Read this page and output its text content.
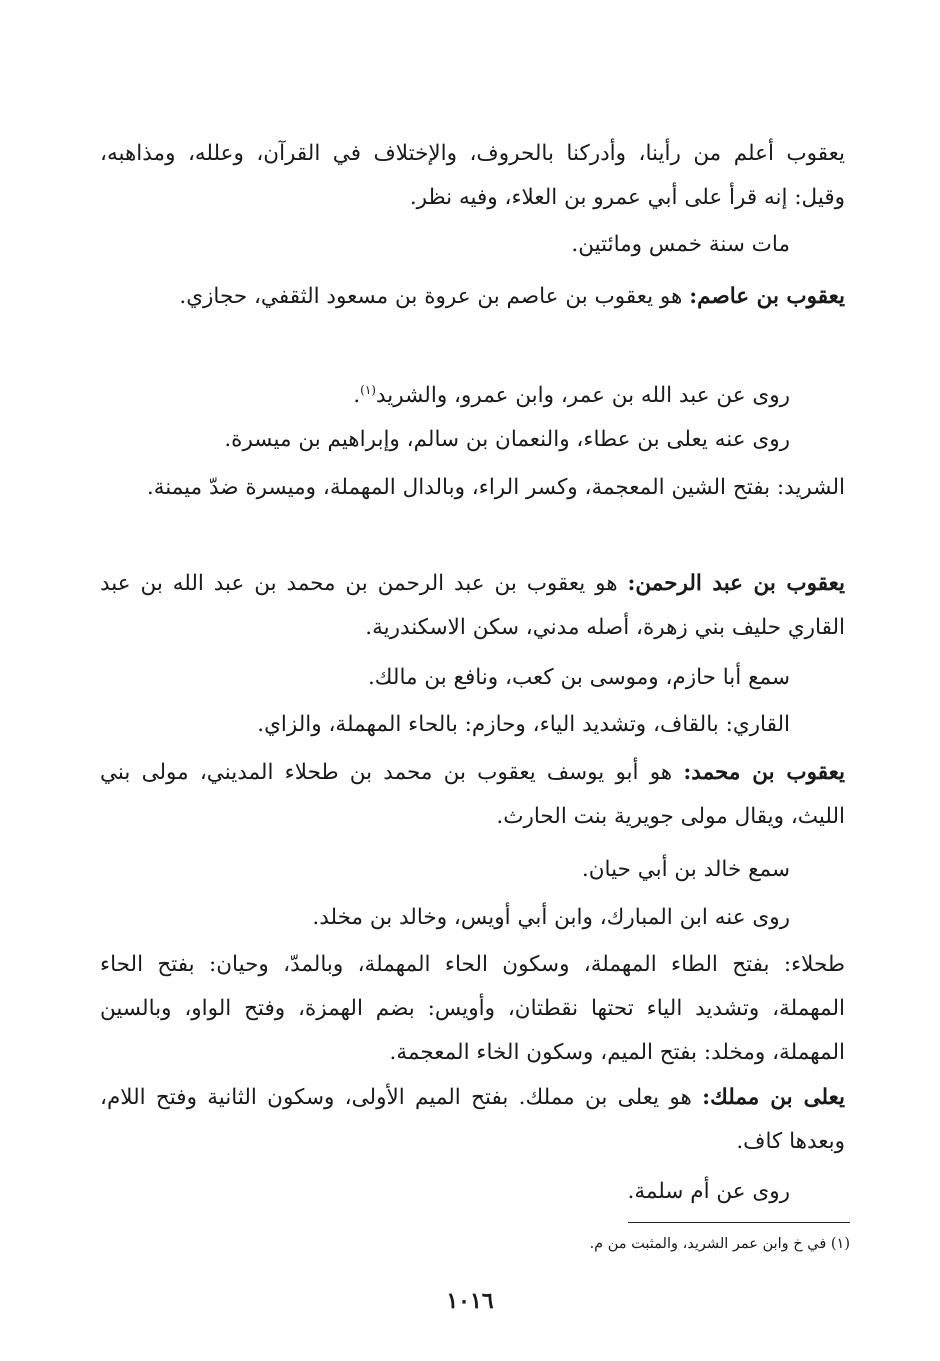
يعقوب أعلم من رأينا، وأدركنا بالحروف، والإختلاف في القرآن، وعلله، ومذاهبه، وقيل: إنه قرأ على أبي عمرو بن العلاء، وفيه نظر.
مات سنة خمس ومائتين.
يعقوب بن عاصم: هو يعقوب بن عاصم بن عروة بن مسعود الثقفي، حجازي.
روى عن عبد الله بن عمر، وابن عمرو، والشريد$^{(١)}$.
روى عنه يعلى بن عطاء، والنعمان بن سالم، وإبراهيم بن ميسرة.
الشريد: بفتح الشين المعجمة، وكسر الراء، وبالدال المهملة، وميسرة ضدّ ميمنة.
يعقوب بن عبد الرحمن: هو يعقوب بن عبد الرحمن بن محمد بن عبد الله بن عبد القاري حليف بني زهرة، أصله مدني، سكن الاسكندرية.
سمع أبا حازم، وموسى بن كعب، ونافع بن مالك.
القاري: بالقاف، وتشديد الياء، وحازم: بالحاء المهملة، والزاي.
يعقوب بن محمد: هو أبو يوسف يعقوب بن محمد بن طحلاء المديني، مولى بني الليث، ويقال مولى جويرية بنت الحارث.
سمع خالد بن أبي حيان.
روى عنه ابن المبارك، وابن أبي أويس، وخالد بن مخلد.
طحلاء: بفتح الطاء المهملة، وسكون الحاء المهملة، وبالمدّ، وحيان: بفتح الحاء المهملة، وتشديد الياء تحتها نقطتان، وأويس: بضم الهمزة، وفتح الواو، وبالسين المهملة، ومخلد: بفتح الميم، وسكون الخاء المعجمة.
يعلى بن مملك: هو يعلى بن مملك. بفتح الميم الأولى، وسكون الثانية وفتح اللام، وبعدها كاف.
روى عن أم سلمة.
(١) في خ وابن عمر الشريد، والمثبت من م.
١٠١٦
